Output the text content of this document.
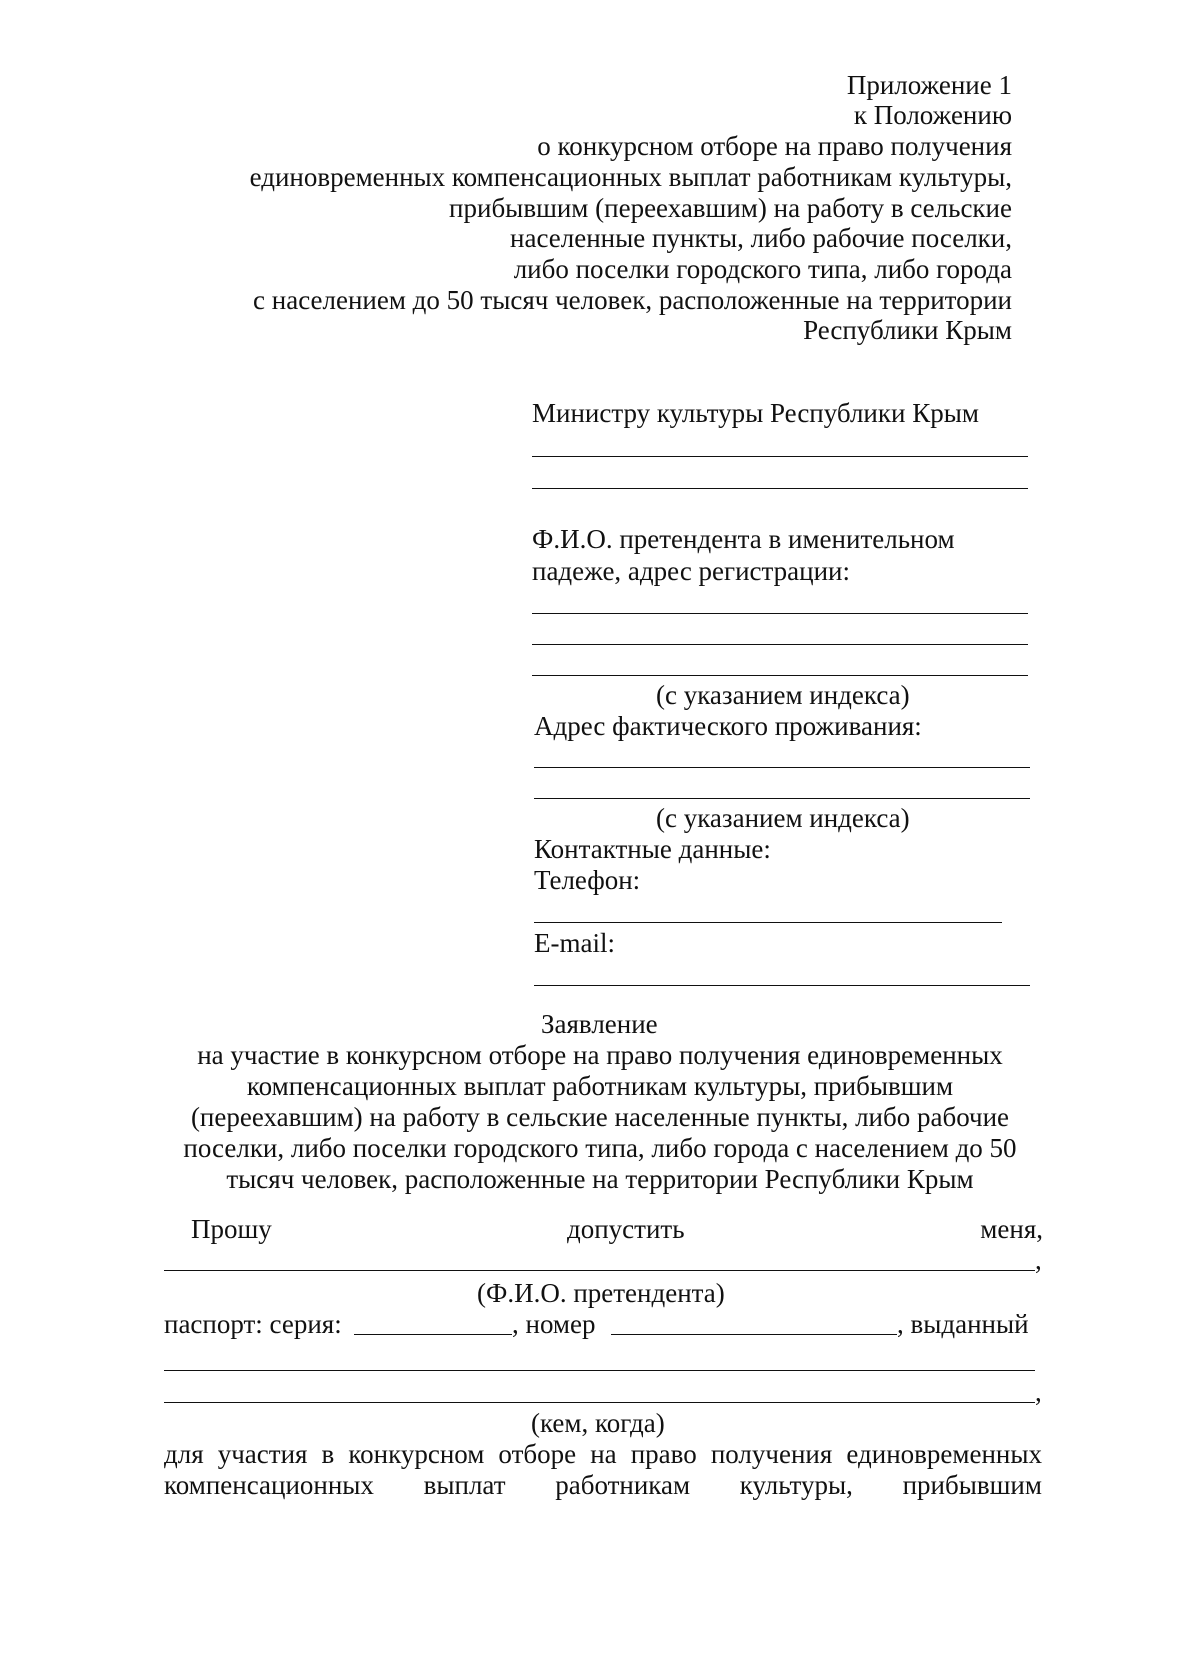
Приложение 1
к Положению
о конкурсном отборе на право получения
единовременных компенсационных выплат работникам культуры,
прибывшим (переехавшим) на работу в сельские
населенные пункты, либо рабочие поселки,
либо поселки городского типа, либо города
с населением до 50 тысяч человек, расположенные на территории
Республики Крым
Министру культуры Республики Крым
Ф.И.О. претендента в именительном
падеже, адрес регистрации:
(с указанием индекса)
Адрес фактического проживания:
(с указанием индекса)
Контактные данные:
Телефон:
E-mail:
Заявление
на участие в конкурсном отборе на право получения единовременных
компенсационных выплат работникам культуры, прибывшим
(переехавшим) на работу в сельские населенные пункты, либо рабочие
поселки, либо поселки городского типа, либо города с населением до 50
тысяч человек, расположенные на территории Республики Крым
Прошу	допустить	меня,
,
(Ф.И.О. претендента)
паспорт: серия:	, номер	, выданный
,
(кем, когда)
для участия в конкурсном отборе на право получения единовременных
компенсационных выплат работникам культуры, прибывшим
